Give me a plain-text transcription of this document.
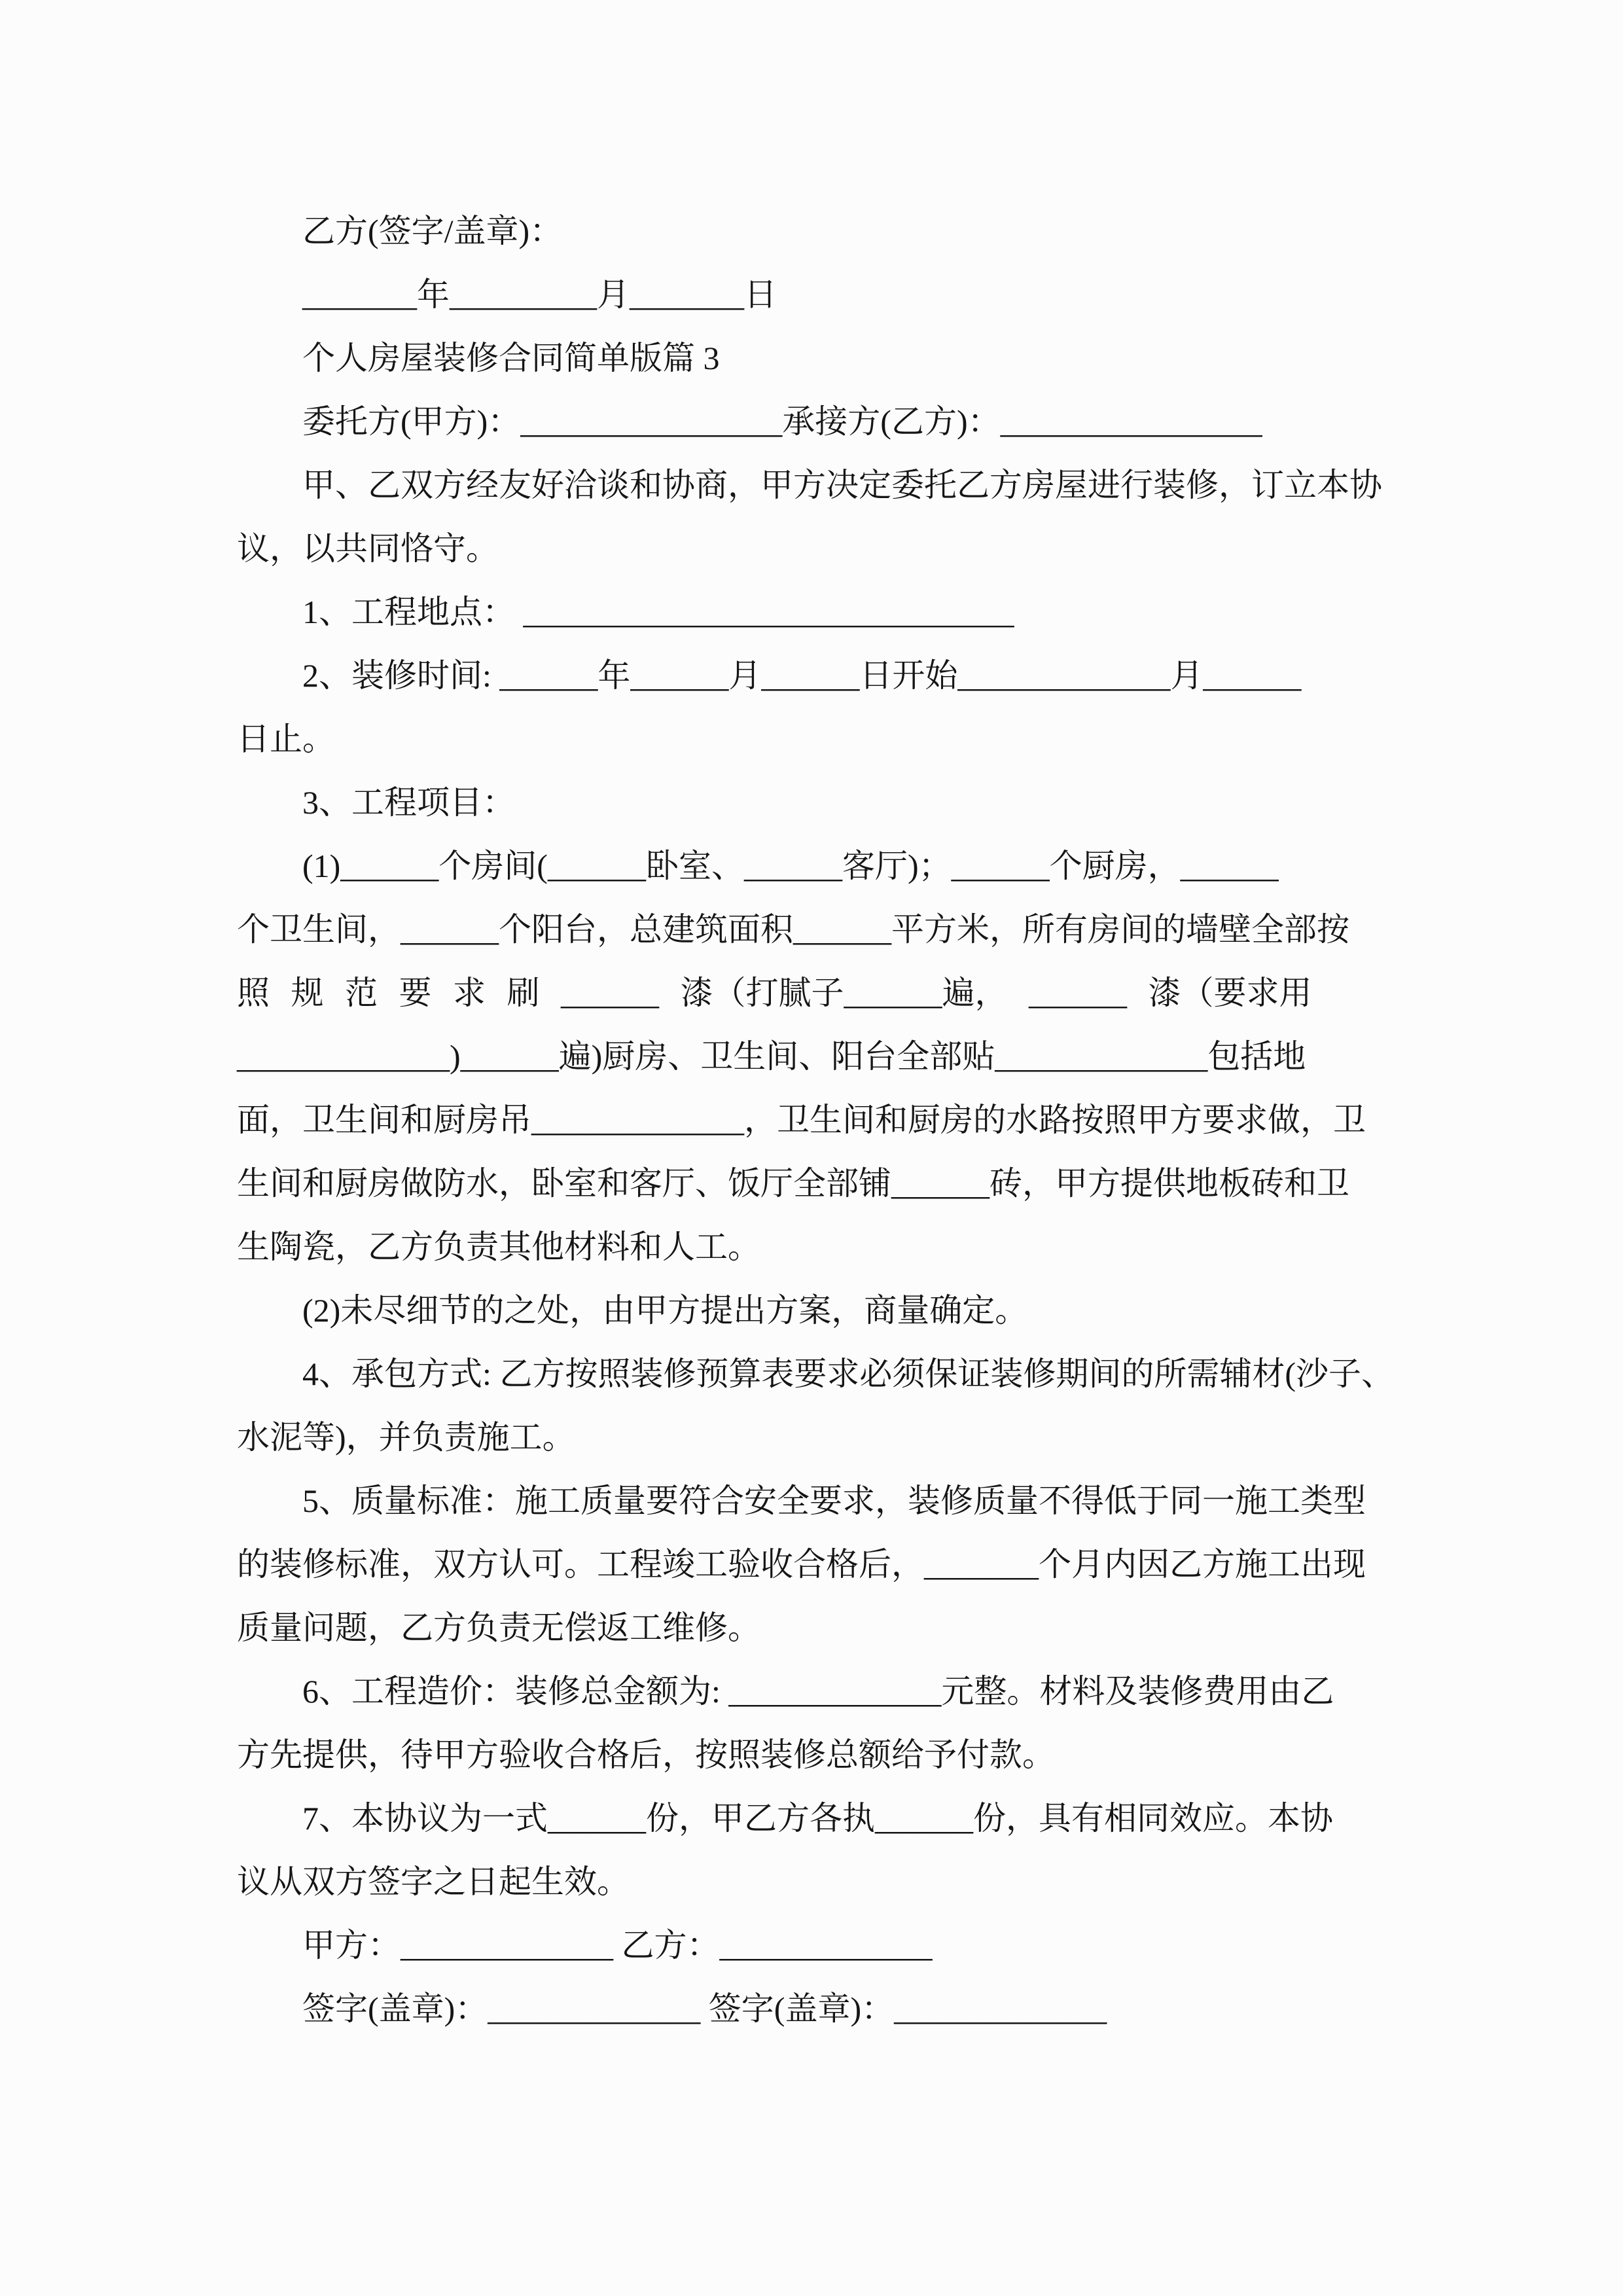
乙方(签字/盖章)：
_______年_________月_______日
个人房屋装修合同简单版篇 3
委托方(甲方)：________________承接方(乙方)：________________
甲、乙双方经友好洽谈和协商，甲方决定委托乙方房屋进行装修，订立本协
议，以共同恪守。
1、工程地点： ______________________________
2、装修时间: ______年______月______日开始_____________月______
日止。
3、工程项目：
(1)______个房间(______卧室、______客厅)；______个厨房，______
个卫生间，______个阳台，总建筑面积______平方米，所有房间的墙壁全部按
照 规 范 要 求 刷 ______ 漆（打腻子______遍， ______ 漆（要求用
_____________)______遍)厨房、卫生间、阳台全部贴_____________包括地
面，卫生间和厨房吊_____________，卫生间和厨房的水路按照甲方要求做，卫
生间和厨房做防水，卧室和客厅、饭厅全部铺______砖，甲方提供地板砖和卫
生陶瓷，乙方负责其他材料和人工。
(2)未尽细节的之处，由甲方提出方案，商量确定。
4、承包方式: 乙方按照装修预算表要求必须保证装修期间的所需辅材(沙子、
水泥等)，并负责施工。
5、质量标准：施工质量要符合安全要求，装修质量不得低于同一施工类型
的装修标准，双方认可。工程竣工验收合格后，_______个月内因乙方施工出现
质量问题，乙方负责无偿返工维修。
6、工程造价：装修总金额为: _____________元整。材料及装修费用由乙
方先提供，待甲方验收合格后，按照装修总额给予付款。
7、本协议为一式______份，甲乙方各执______份，具有相同效应。本协
议从双方签字之日起生效。
甲方：_____________ 乙方：_____________
签字(盖章)：_____________ 签字(盖章)：_____________
